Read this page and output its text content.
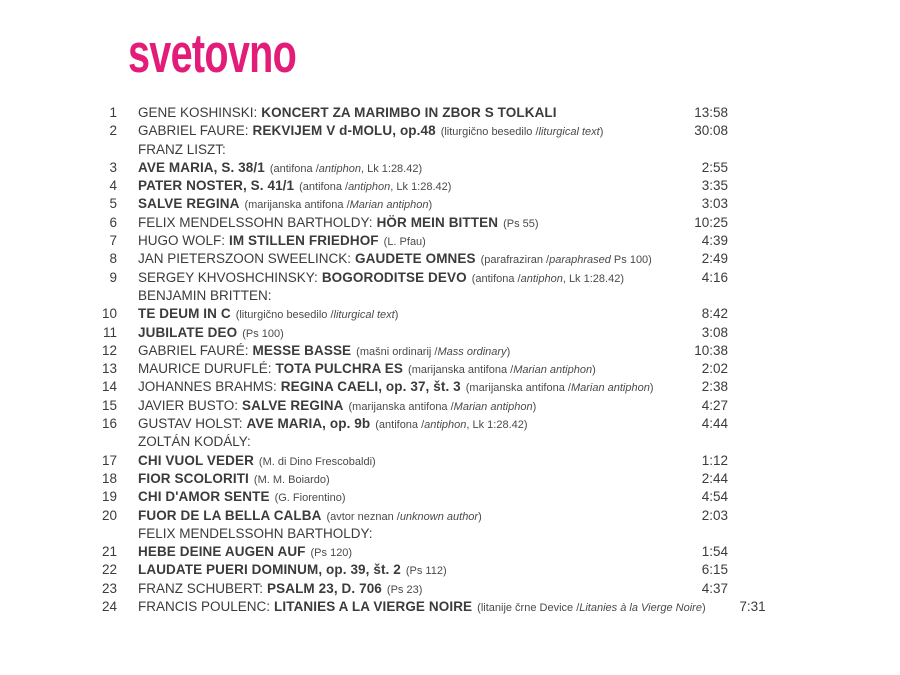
svetovno
1 GENE KOSHINSKI: KONCERT ZA MARIMBO IN ZBOR S TOLKALI	13:58
2 GABRIEL FAURE: REKVIJEM V d-MOLU, op.48 (liturgično besedilo /liturgical text)	30:08
FRANZ LISZT:
3 AVE MARIA, S. 38/1 (antifona /antiphon, Lk 1:28.42)	2:55
4 PATER NOSTER, S. 41/1 (antifona /antiphon, Lk 1:28.42)	3:35
5 SALVE REGINA (marijanska antifona /Marian antiphon)	3:03
6 FELIX MENDELSSOHN BARTHOLDY: HÖR MEIN BITTEN (Ps 55)	10:25
7 HUGO WOLF: IM STILLEN FRIEDHOF (L. Pfau)	4:39
8 JAN PIETERSZOON SWEELINCK: GAUDETE OMNES (parafraziran /paraphrased Ps 100)	2:49
9 SERGEY KHVOSHCHINSKY: BOGORODITSE DEVO (antifona /antiphon, Lk 1:28.42)	4:16
BENJAMIN BRITTEN:
10 TE DEUM IN C (liturgično besedilo /liturgical text)	8:42
11 JUBILATE DEO (Ps 100)	3:08
12 GABRIEL FAURÉ: MESSE BASSE (mašni ordinarij /Mass ordinary)	10:38
13 MAURICE DURUFLÉ: TOTA PULCHRA ES (marijanska antifona /Marian antiphon)	2:02
14 JOHANNES BRAHMS: REGINA CAELI, op. 37, št. 3 (marijanska antifona /Marian antiphon)	2:38
15 JAVIER BUSTO: SALVE REGINA (marijanska antifona /Marian antiphon)	4:27
16 GUSTAV HOLST: AVE MARIA, op. 9b (antifona /antiphon, Lk 1:28.42)	4:44
ZOLTÁN KODÁLY:
17 CHI VUOL VEDER (M. di Dino Frescobaldi)	1:12
18 FIOR SCOLORITI (M. M. Boiardo)	2:44
19 CHI D'AMOR SENTE (G. Fiorentino)	4:54
20 FUOR DE LA BELLA CALBA (avtor neznan /unknown author)	2:03
FELIX MENDELSSOHN BARTHOLDY:
21 HEBE DEINE AUGEN AUF (Ps 120)	1:54
22 LAUDATE PUERI DOMINUM, op. 39, št. 2 (Ps 112)	6:15
23 FRANZ SCHUBERT: PSALM 23, D. 706 (Ps 23)	4:37
24 FRANCIS POULENC: LITANIES A LA VIERGE NOIRE (litanije črne Device /Litanies à la Vierge Noire)	7:31
